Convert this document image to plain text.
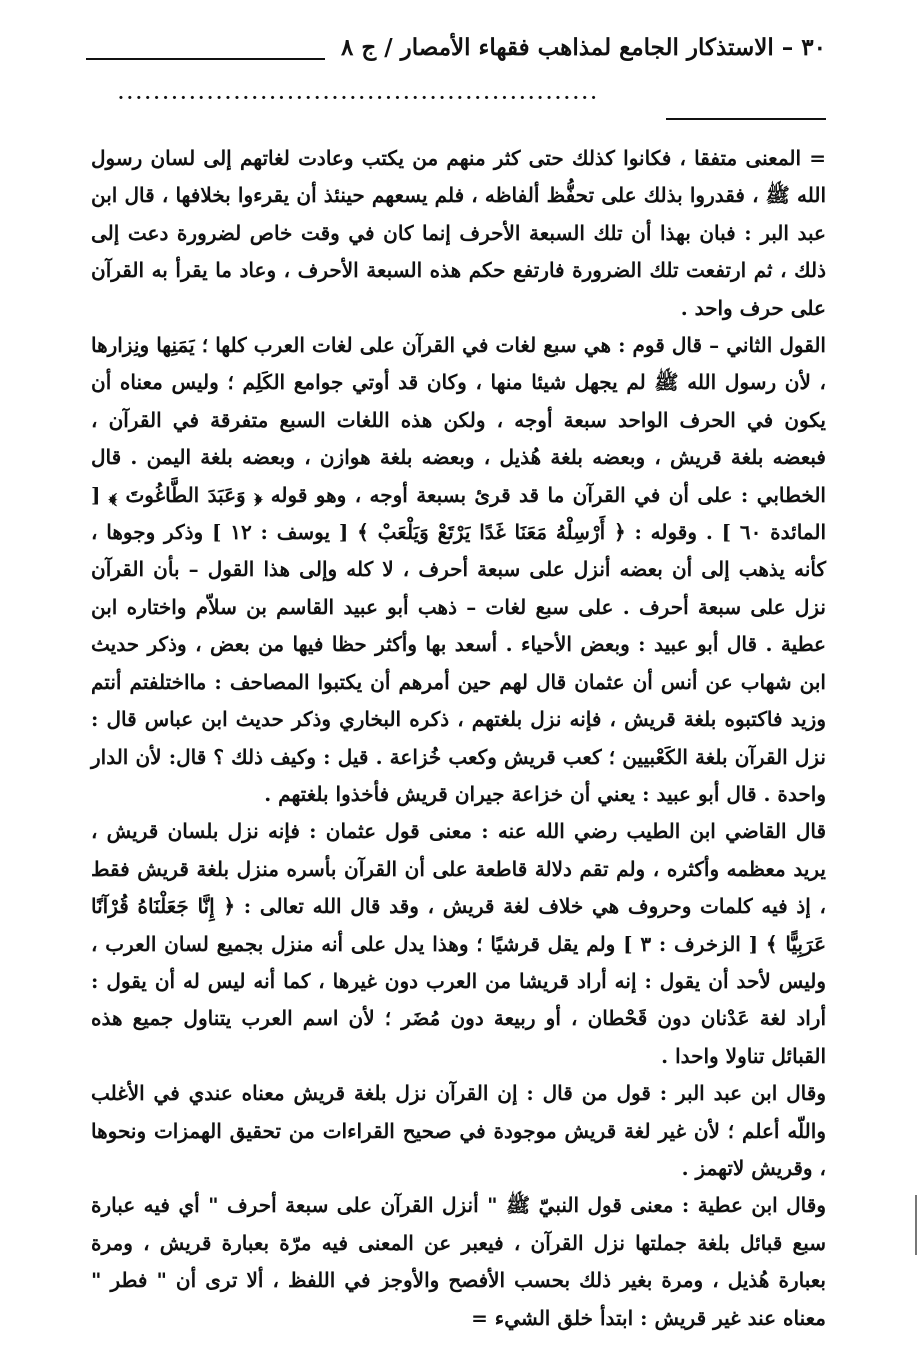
٣٠ – الاستذكار الجامع لمذاهب فقهاء الأمصار / ج ٨
......................................................

= المعنى متفقا ، فكانوا كذلك حتى كثر منهم من يكتب وعادت لغاتهم إلى لسان رسول الله ﷺ ، فقدروا بذلك على تحفُّظ ألفاظه ، فلم يسعهم حينئذ أن يقرءوا بخلافها ، قال ابن عبد البر : فبان بهذا أن تلك السبعة الأحرف إنما كان في وقت خاص لضرورة دعت إلى ذلك ، ثم ارتفعت تلك الضرورة فارتفع حكم هذه السبعة الأحرف ، وعاد ما يقرأ به القرآن على حرف واحد .

القول الثاني – قال قوم : هي سبع لغات في القرآن على لغات العرب كلها ؛ يَمَنِها ونِزارها ، لأن رسول الله ﷺ لم يجهل شيئا منها ، وكان قد أوتي جوامع الكَلِم ؛ وليس معناه أن يكون في الحرف الواحد سبعة أوجه ، ولكن هذه اللغات السبع متفرقة في القرآن ، فبعضه بلغة قريش ، وبعضه بلغة هُذيل ، وبعضه بلغة هوازن ، وبعضه بلغة اليمن . قال الخطابي : على أن في القرآن ما قد قرئ بسبعة أوجه ، وهو قوله ﴿ وَعَبَدَ الطَّاغُوتَ ﴾ [ المائدة ٦٠ ] . وقوله : ﴿ أَرْسِلْهُ مَعَنَا غَدًا يَرْتَعْ وَيَلْعَبْ ﴾ [ يوسف : ١٢ ] وذكر وجوها ، كأنه يذهب إلى أن بعضه أنزل على سبعة أحرف ، لا كله وإلى هذا القول – بأن القرآن نزل على سبعة أحرف . على سبع لغات – ذهب أبو عبيد القاسم بن سلاّم واختاره ابن عطية . قال أبو عبيد : وبعض الأحياء . أسعد بها وأكثر حظا فيها من بعض ، وذكر حديث ابن شهاب عن أنس أن عثمان قال لهم حين أمرهم أن يكتبوا المصاحف : مااختلفتم أنتم وزيد فاكتبوه بلغة قريش ، فإنه نزل بلغتهم ، ذكره البخاري وذكر حديث ابن عباس قال : نزل القرآن بلغة الكَعْبيين ؛ كعب قريش وكعب خُزاعة . قيل : وكيف ذلك ؟ قال: لأن الدار واحدة . قال أبو عبيد : يعني أن خزاعة جيران قريش فأخذوا بلغتهم .

قال القاضي ابن الطيب رضي الله عنه : معنى قول عثمان : فإنه نزل بلسان قريش ، يريد معظمه وأكثره ، ولم تقم دلالة قاطعة على أن القرآن بأسره منزل بلغة قريش فقط ، إذ فيه كلمات وحروف هي خلاف لغة قريش ، وقد قال الله تعالى : ﴿ إِنَّا جَعَلْنَاهُ قُرْآنًا عَرَبِيًّا ﴾ [ الزخرف : ٣ ] ولم يقل قرشيًا ؛ وهذا يدل على أنه منزل بجميع لسان العرب ، وليس لأحد أن يقول : إنه أراد قريشا من العرب دون غيرها ، كما أنه ليس له أن يقول : أراد لغة عَدْنان دون قَحْطان ، أو ربيعة دون مُضَر ؛ لأن اسم العرب يتناول جميع هذه القبائل تناولا واحدا .

وقال ابن عبد البر : قول من قال : إن القرآن نزل بلغة قريش معناه عندي في الأغلب واللّه أعلم ؛ لأن غير لغة قريش موجودة في صحيح القراءات من تحقيق الهمزات ونحوها ، وقريش لاتهمز .

وقال ابن عطية : معنى قول النبيّ ﷺ " أنزل القرآن على سبعة أحرف " أي فيه عبارة سبع قبائل بلغة جملتها نزل القرآن ، فيعبر عن المعنى فيه مرّة بعبارة قريش ، ومرة بعبارة هُذيل ، ومرة بغير ذلك بحسب الأفصح والأوجز في اللفظ ، ألا ترى أن " فطر " معناه عند غير قريش : ابتدأ خلق الشيء =
